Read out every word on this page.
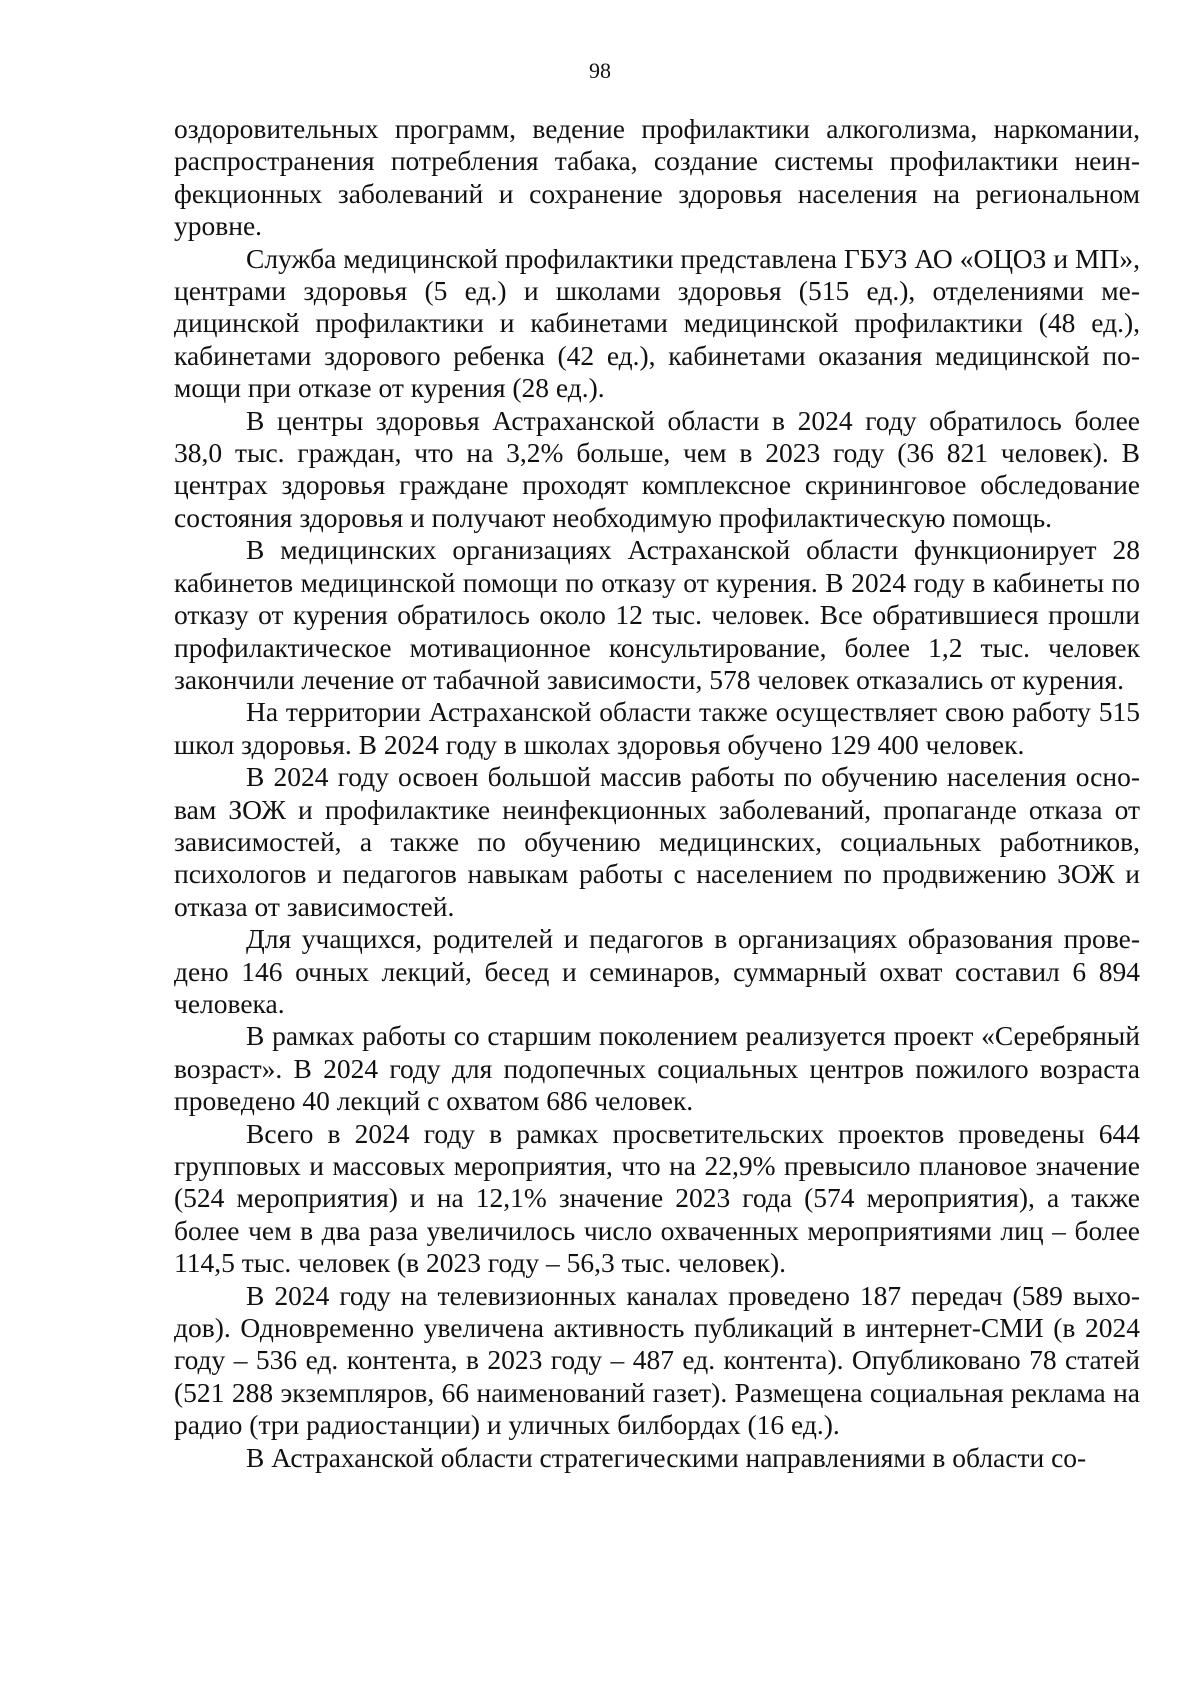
98

оздоровительных программ, ведение профилактики алкоголизма, наркомании, распространения потребления табака, создание системы профилактики неинфекционных заболеваний и сохранение здоровья населения на региональном уровне.

Служба медицинской профилактики представлена ГБУЗ АО «ОЦОЗ и МП», центрами здоровья (5 ед.) и школами здоровья (515 ед.), отделениями медицинской профилактики и кабинетами медицинской профилактики (48 ед.), кабинетами здорового ребенка (42 ед.), кабинетами оказания медицинской помощи при отказе от курения (28 ед.).

В центры здоровья Астраханской области в 2024 году обратилось более 38,0 тыс. граждан, что на 3,2% больше, чем в 2023 году (36 821 человек). В центрах здоровья граждане проходят комплексное скрининговое обследование состояния здоровья и получают необходимую профилактическую помощь.

В медицинских организациях Астраханской области функционирует 28 кабинетов медицинской помощи по отказу от курения. В 2024 году в кабинеты по отказу от курения обратилось около 12 тыс. человек. Все обратившиеся прошли профилактическое мотивационное консультирование, более 1,2 тыс. человек закончили лечение от табачной зависимости, 578 человек отказались от курения.

На территории Астраханской области также осуществляет свою работу 515 школ здоровья. В 2024 году в школах здоровья обучено 129 400 человек.

В 2024 году освоен большой массив работы по обучению населения основам ЗОЖ и профилактике неинфекционных заболеваний, пропаганде отказа от зависимостей, а также по обучению медицинских, социальных работников, психологов и педагогов навыкам работы с населением по продвижению ЗОЖ и отказа от зависимостей.

Для учащихся, родителей и педагогов в организациях образования проведено 146 очных лекций, бесед и семинаров, суммарный охват составил 6 894 человека.

В рамках работы со старшим поколением реализуется проект «Серебряный возраст». В 2024 году для подопечных социальных центров пожилого возраста проведено 40 лекций с охватом 686 человек.

Всего в 2024 году в рамках просветительских проектов проведены 644 групповых и массовых мероприятия, что на 22,9% превысило плановое значение (524 мероприятия) и на 12,1% значение 2023 года (574 мероприятия), а также более чем в два раза увеличилось число охваченных мероприятиями лиц – более 114,5 тыс. человек (в 2023 году – 56,3 тыс. человек).

В 2024 году на телевизионных каналах проведено 187 передач (589 выходов). Одновременно увеличена активность публикаций в интернет-СМИ (в 2024 году – 536 ед. контента, в 2023 году – 487 ед. контента). Опубликовано 78 статей (521 288 экземпляров, 66 наименований газет). Размещена социальная реклама на радио (три радиостанции) и уличных билбордах (16 ед.).

В Астраханской области стратегическими направлениями в области со-
